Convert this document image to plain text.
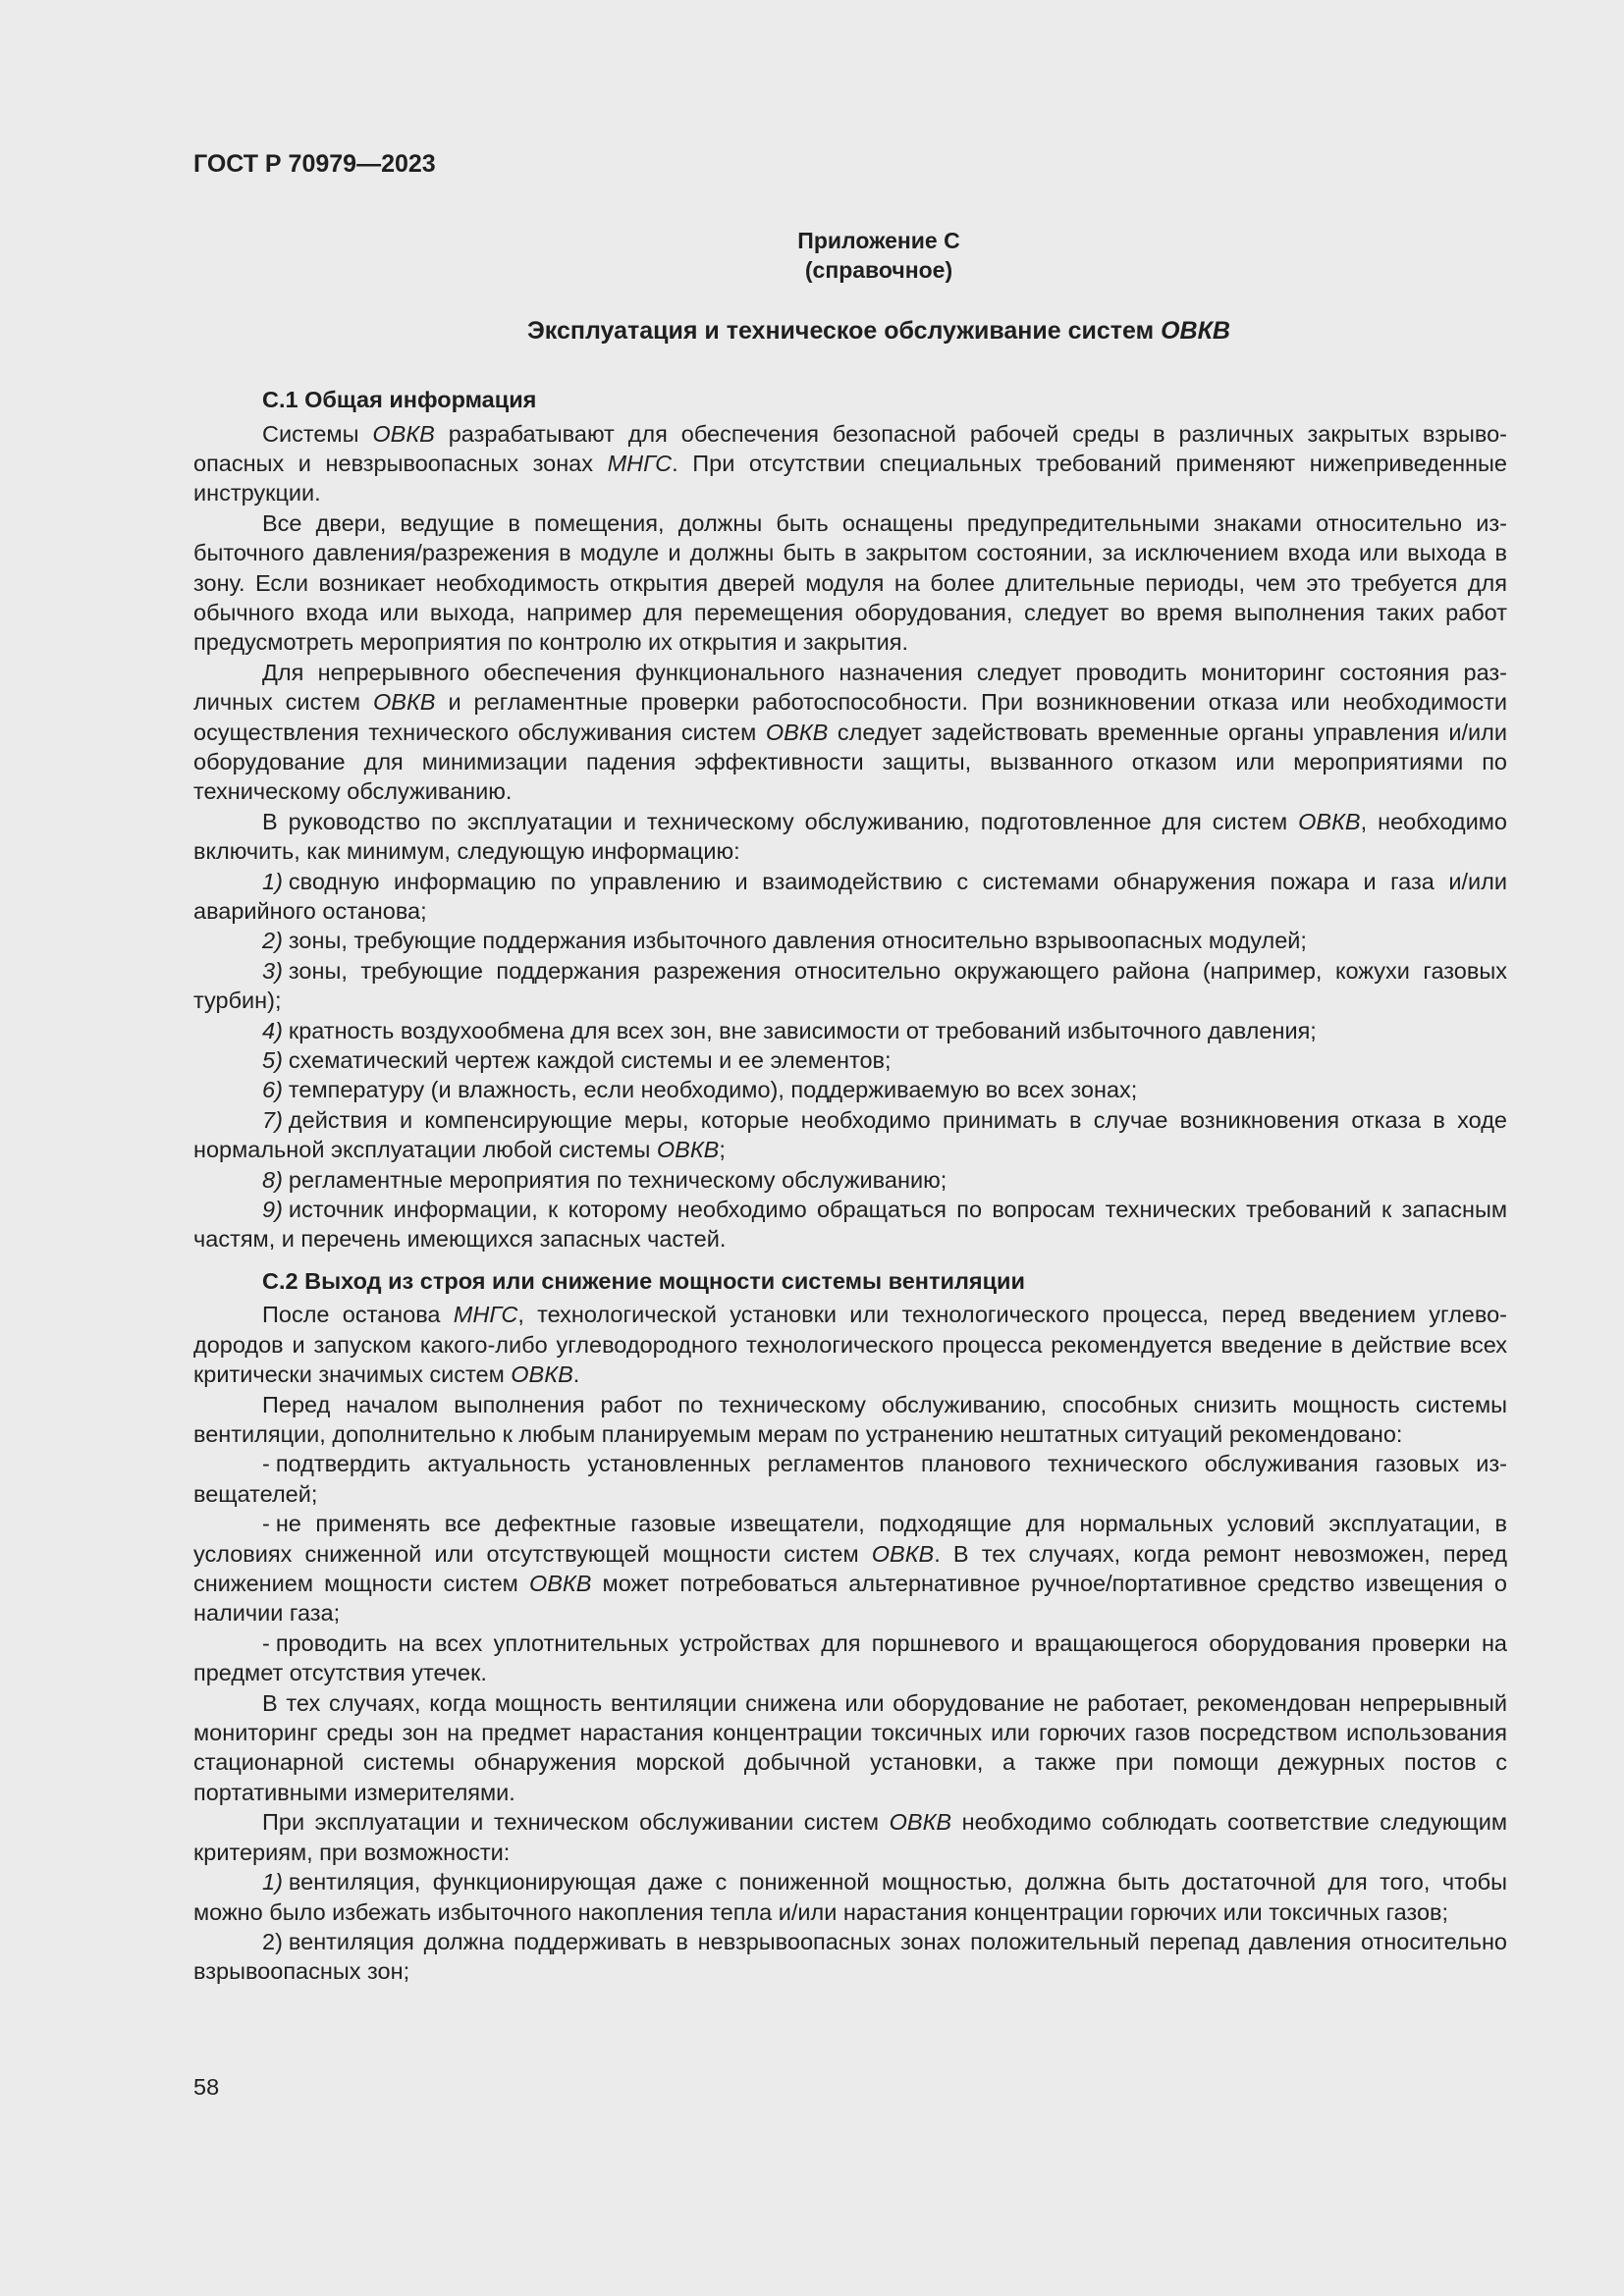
ГОСТ Р 70979—2023

Приложение С
(справочное)
Эксплуатация и техническое обслуживание систем ОВКВ

С.1 Общая информация

Системы ОВКВ разрабатывают для обеспечения безопасной рабочей среды в различных закрытых взрывоопасных и невзрывоопасных зонах МНГС. При отсутствии специальных требований применяют нижеприведенные инструкции.

Все двери, ведущие в помещения, должны быть оснащены предупредительными знаками относительно избыточного давления/разрежения в модуле и должны быть в закрытом состоянии, за исключением входа или выхода в зону. Если возникает необходимость открытия дверей модуля на более длительные периоды, чем это требуется для обычного входа или выхода, например для перемещения оборудования, следует во время выполнения таких работ предусмотреть мероприятия по контролю их открытия и закрытия.

Для непрерывного обеспечения функционального назначения следует проводить мониторинг состояния различных систем ОВКВ и регламентные проверки работоспособности. При возникновении отказа или необходимости осуществления технического обслуживания систем ОВКВ следует задействовать временные органы управления и/или оборудование для минимизации падения эффективности защиты, вызванного отказом или мероприятиями по техническому обслуживанию.

В руководство по эксплуатации и техническому обслуживанию, подготовленное для систем ОВКВ, необходимо включить, как минимум, следующую информацию:

1) сводную информацию по управлению и взаимодействию с системами обнаружения пожара и газа и/или аварийного останова;

2) зоны, требующие поддержания избыточного давления относительно взрывоопасных модулей;

3) зоны, требующие поддержания разрежения относительно окружающего района (например, кожухи газовых турбин);

4) кратность воздухообмена для всех зон, вне зависимости от требований избыточного давления;

5) схематический чертеж каждой системы и ее элементов;

6) температуру (и влажность, если необходимо), поддерживаемую во всех зонах;

7) действия и компенсирующие меры, которые необходимо принимать в случае возникновения отказа в ходе нормальной эксплуатации любой системы ОВКВ;

8) регламентные мероприятия по техническому обслуживанию;

9) источник информации, к которому необходимо обращаться по вопросам технических требований к запасным частям, и перечень имеющихся запасных частей.

С.2 Выход из строя или снижение мощности системы вентиляции

После останова МНГС, технологической установки или технологического процесса, перед введением углеводородов и запуском какого-либо углеводородного технологического процесса рекомендуется введение в действие всех критически значимых систем ОВКВ.

Перед началом выполнения работ по техническому обслуживанию, способных снизить мощность системы вентиляции, дополнительно к любым планируемым мерам по устранению нештатных ситуаций рекомендовано:

- подтвердить актуальность установленных регламентов планового технического обслуживания газовых извещателей;

- не применять все дефектные газовые извещатели, подходящие для нормальных условий эксплуатации, в условиях сниженной или отсутствующей мощности систем ОВКВ. В тех случаях, когда ремонт невозможен, перед снижением мощности систем ОВКВ может потребоваться альтернативное ручное/портативное средство извещения о наличии газа;

- проводить на всех уплотнительных устройствах для поршневого и вращающегося оборудования проверки на предмет отсутствия утечек.

В тех случаях, когда мощность вентиляции снижена или оборудование не работает, рекомендован непрерывный мониторинг среды зон на предмет нарастания концентрации токсичных или горючих газов посредством использования стационарной системы обнаружения морской добычной установки, а также при помощи дежурных постов с портативными измерителями.

При эксплуатации и техническом обслуживании систем ОВКВ необходимо соблюдать соответствие следующим критериям, при возможности:

1) вентиляция, функционирующая даже с пониженной мощностью, должна быть достаточной для того, чтобы можно было избежать избыточного накопления тепла и/или нарастания концентрации горючих или токсичных газов;

2) вентиляция должна поддерживать в невзрывоопасных зонах положительный перепад давления относительно взрывоопасных зон;

58
